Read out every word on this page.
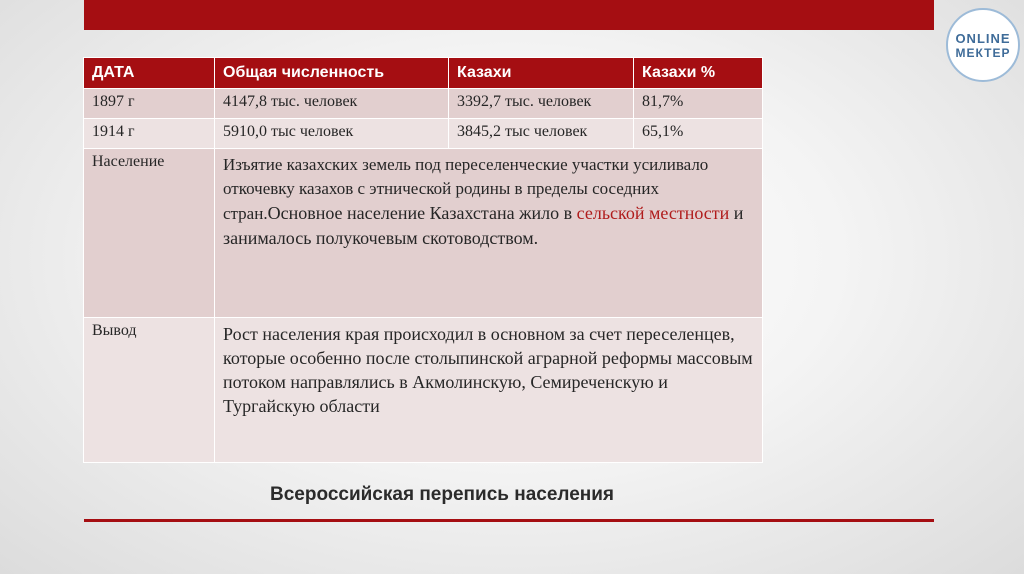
ONLINE
МЕКТЕР
ДАТА	Общая численность	Казахи	Казахи %
1897 г	4147,8 тыс. человек	3392,7 тыс. человек	81,7%
1914 г	5910,0 тыс человек	3845,2 тыс человек	65,1%
Население	Изъятие казахских земель под переселенческие участки усиливало откочевку казахов с этнической родины в пределы соседних стран.Основное население Казахстана жило в сельской местности и занималось полукочевым скотоводством.		
Вывод	Рост населения края происходил в основном за счет переселенцев, которые особенно после столыпинской аграрной реформы массовым потоком направлялись в Акмолинскую, Семиреченскую и Тургайскую области		
Всероссийская перепись населения
